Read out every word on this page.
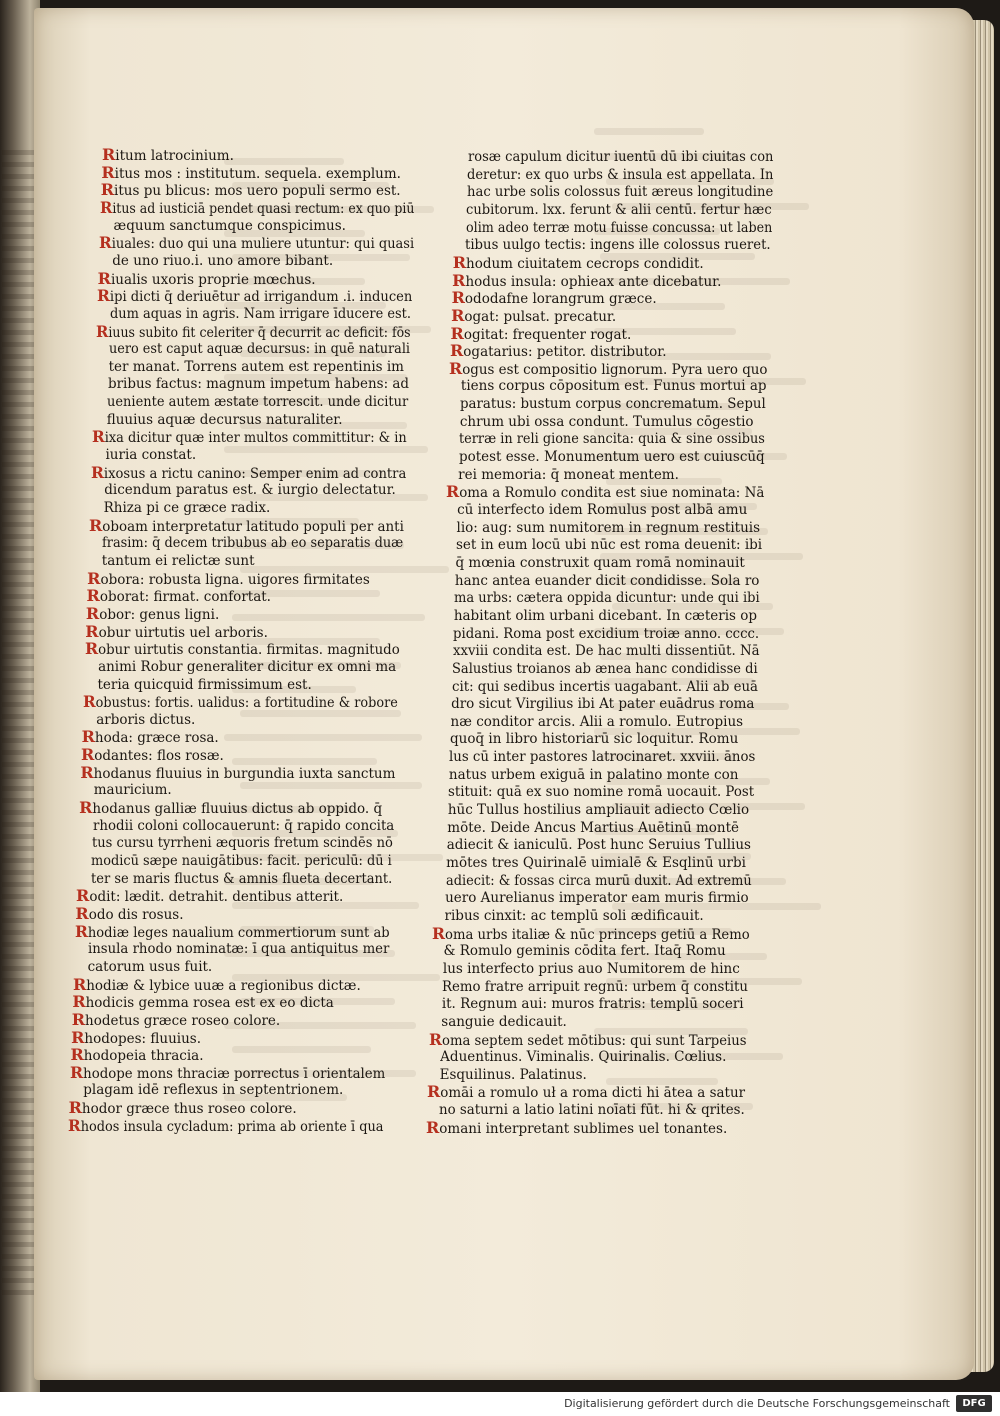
Ritum latrocinium.
Ritus mos : institutum. sequela. exemplum.
Ritus pu blicus: mos uero populi sermo est.
Ritus ad iusticiā pendet quasi rectum: ex quo piū
æquum sanctumque conspicimus.
Riuales: duo qui una muliere utuntur: qui quasi
de uno riuo.i. uno amore bibant.
Riualis uxoris proprie mœchus.
Ripi dicti q̄ deriuētur ad irrigandum .i. inducen
dum aquas in agris. Nam irrigare īducere est.
Riuus subito fit celeriter q̄ decurrit ac deficit: fōs
uero est caput aquæ decursus: in quē naturali
ter manat. Torrens autem est repentinis im
bribus factus: magnum impetum habens: ad
ueniente autem æstate torrescit. unde dicitur
fluuius aquæ decursus naturaliter.
Rixa dicitur quæ inter multos committitur: & in
iuria constat.
Rixosus a rictu canino: Semper enim ad contra
dicendum paratus est. & iurgio delectatur.
Rhiza pi ce græce radix.
Roboam interpretatur latitudo populi per anti
frasim: q̄ decem tribubus ab eo separatis duæ
tantum ei relictæ sunt
Robora: robusta ligna. uigores firmitates
Roborat: firmat. confortat.
Robor: genus ligni.
Robur uirtutis uel arboris.
Robur uirtutis constantia. firmitas. magnitudo
animi Robur generaliter dicitur ex omni ma
teria quicquid firmissimum est.
Robustus: fortis. ualidus: a fortitudine & robore
arboris dictus.
Rhoda: græce rosa.
Rodantes: flos rosæ.
Rhodanus fluuius in burgundia iuxta sanctum
mauricium.
Rhodanus galliæ fluuius dictus ab oppido. q̄
rhodii coloni collocauerunt: q̄ rapido concita
tus cursu tyrrheni æquoris fretum scindēs nō
modicū sæpe nauigātibus: facit. periculū: dū i
ter se maris fluctus & amnis flueta decertant.
Rodit: lædit. detrahit. dentibus atterit.
Rodo dis rosus.
Rhodiæ leges naualium commertiorum sunt ab
insula rhodo nominatæ: ī qua antiquitus mer
catorum usus fuit.
Rhodiæ & lybice uuæ a regionibus dictæ.
Rhodicis gemma rosea est ex eo dicta
Rhodetus græce roseo colore.
Rhodopes: fluuius.
Rhodopeia thracia.
Rhodope mons thraciæ porrectus ī orientalem
plagam idē reflexus in septentrionem.
Rhodor græce thus roseo colore.
Rhodos insula cycladum: prima ab oriente ī qua
rosæ capulum dicitur iuentū dū ibi ciuitas con
deretur: ex quo urbs & insula est appellata. In
hac urbe solis colossus fuit æreus longitudine
cubitorum. lxx. ferunt & alii centū. fertur hæc
olim adeo terræ motu fuisse concussa: ut laben
tibus uulgo tectis: ingens ille colossus rueret.
Rhodum ciuitatem cecrops condidit.
Rhodus insula: ophieax ante dicebatur.
Rododafne lorangrum græce.
Rogat: pulsat. precatur.
Rogitat: frequenter rogat.
Rogatarius: petitor. distributor.
Rogus est compositio lignorum. Pyra uero quo
tiens corpus cōpositum est. Funus mortui ap
paratus: bustum corpus concrematum. Sepul
chrum ubi ossa condunt. Tumulus cōgestio
terræ in reli gione sancita: quia & sine ossibus
potest esse. Monumentum uero est cuiuscūq̄
rei memoria: q̄ moneat mentem.
Roma a Romulo condita est siue nominata: Nā
cū interfecto idem Romulus post albā amu
lio: aug: sum numitorem in regnum restituis
set in eum locū ubi nūc est roma deuenit: ibi
q̄ mœnia construxit quam romā nominauit
hanc antea euander dicit condidisse. Sola ro
ma urbs: cætera oppida dicuntur: unde qui ibi
habitant olim urbani dicebant. In cæteris op
pidani. Roma post excidium troiæ anno. cccc.
xxviii condita est. De hac multi dissentiūt. Nā
Salustius troianos ab ænea hanc condidisse di
cit: qui sedibus incertis uagabant. Alii ab euā
dro sicut Virgilius ibi At pater euādrus roma
næ conditor arcis. Alii a romulo. Eutropius
quoq̄ in libro historiarū sic loquitur. Romu
lus cū inter pastores latrocinaret. xxviii. ānos
natus urbem exiguā in palatino monte con
stituit: quā ex suo nomine romā uocauit. Post
hūc Tullus hostilius ampliauit adiecto Cœlio
mōte. Deide Ancus Martius Auētinū montē
adiecit & ianiculū. Post hunc Seruius Tullius
mōtes tres Quirinalē uimialē & Esqlinū urbi
adiecit: & fossas circa murū duxit. Ad extremū
uero Aurelianus imperator eam muris firmio
ribus cinxit: ac templū soli ædificauit.
Roma urbs italiæ & nūc princeps getiū a Remo
& Romulo geminis cōdita fert. Itaq̄ Romu
lus interfecto prius auo Numitorem de hinc
Remo fratre arripuit regnū: urbem q̄ constitu
it. Regnum aui: muros fratris: templū soceri
sanguie dedicauit.
Roma septem sedet mōtibus: qui sunt Tarpeius
Aduentinus. Viminalis. Quirinalis. Cœlius.
Esquilinus. Palatinus.
Romāi a romulo uł a roma dicti hi ātea a satur
no saturni a latio latini noīati fūt. hi & qrites.
Romani interpretant sublimes uel tonantes.
Digitalisierung gefördert durch die Deutsche Forschungsgemeinschaft	DFG
